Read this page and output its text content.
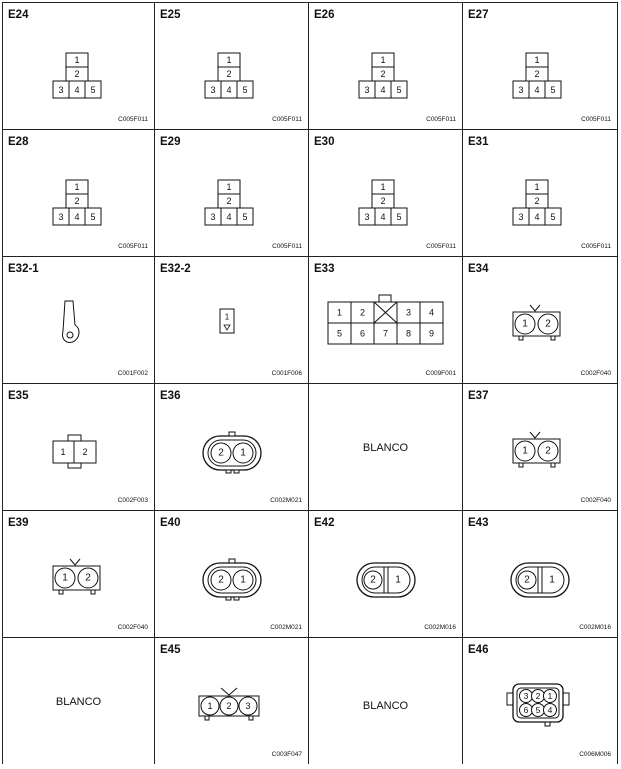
E24
1
2
3 4 5
C005F011
E25
1
2
3 4 5
C005F011
E26
1
2
3 4 5
C005F011
E27
1
2
3 4 5
C005F011
E28
1
2
3 4 5
C005F011
E29
1
2
3 4 5
C005F011
E30
1
2
3 4 5
C005F011
E31
1
2
3 4 5
C005F011
E32-1
C001F002
E32-2
1
C001F006
E33
1 2	3 4
5 6 7 8 9
C009F001
E34
1 2
C002F040
E35
1 2
C002F003
E36
2 1
C002M021
BLANCO
E37
1 2
C002F040
E39
1 2
C002F040
E40
2 1
C002M021
E42
2 1
C002M016
E43
2 1
C002M016
BLANCO
E45
1 2 3
C003F047
BLANCO
E46
3 2 1
6 5 4
C006M006
